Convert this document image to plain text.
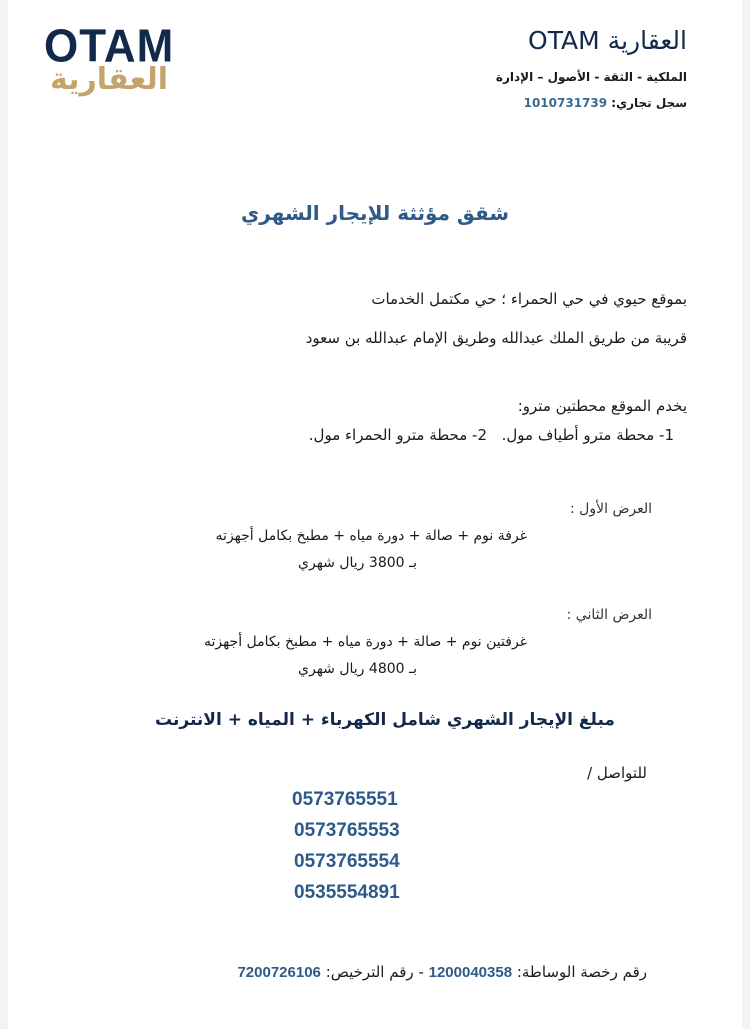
OTAM
العقارية
العقارية OTAM
الملكية - الثقة - الأصول – الإدارة
سجل تجاري: 1010731739
شقق مؤثثة للإيجار الشهري
بموقع حيوي في حي الحمراء ؛ حي مكتمل الخدمات
قريبة من طريق الملك عبدالله وطريق الإمام عبدالله بن سعود
يخدم الموقع محطتين مترو:
1- محطة مترو أطياف مول.
2- محطة مترو الحمراء مول.
العرض الأول :
غرفة نوم + صالة + دورة مياه + مطبخ بكامل أجهزته
بـ 3800 ريال شهري
العرض الثاني :
غرفتين نوم + صالة + دورة مياه + مطبخ بكامل أجهزته
بـ 4800 ريال شهري
مبلغ الإيجار الشهري شامل الكهرباء + المياه + الانترنت
للتواصل /
0573765551
0573765553
0573765554
0535554891
رقم رخصة الوساطة: 1200040358 - رقم الترخيص: 7200726106
